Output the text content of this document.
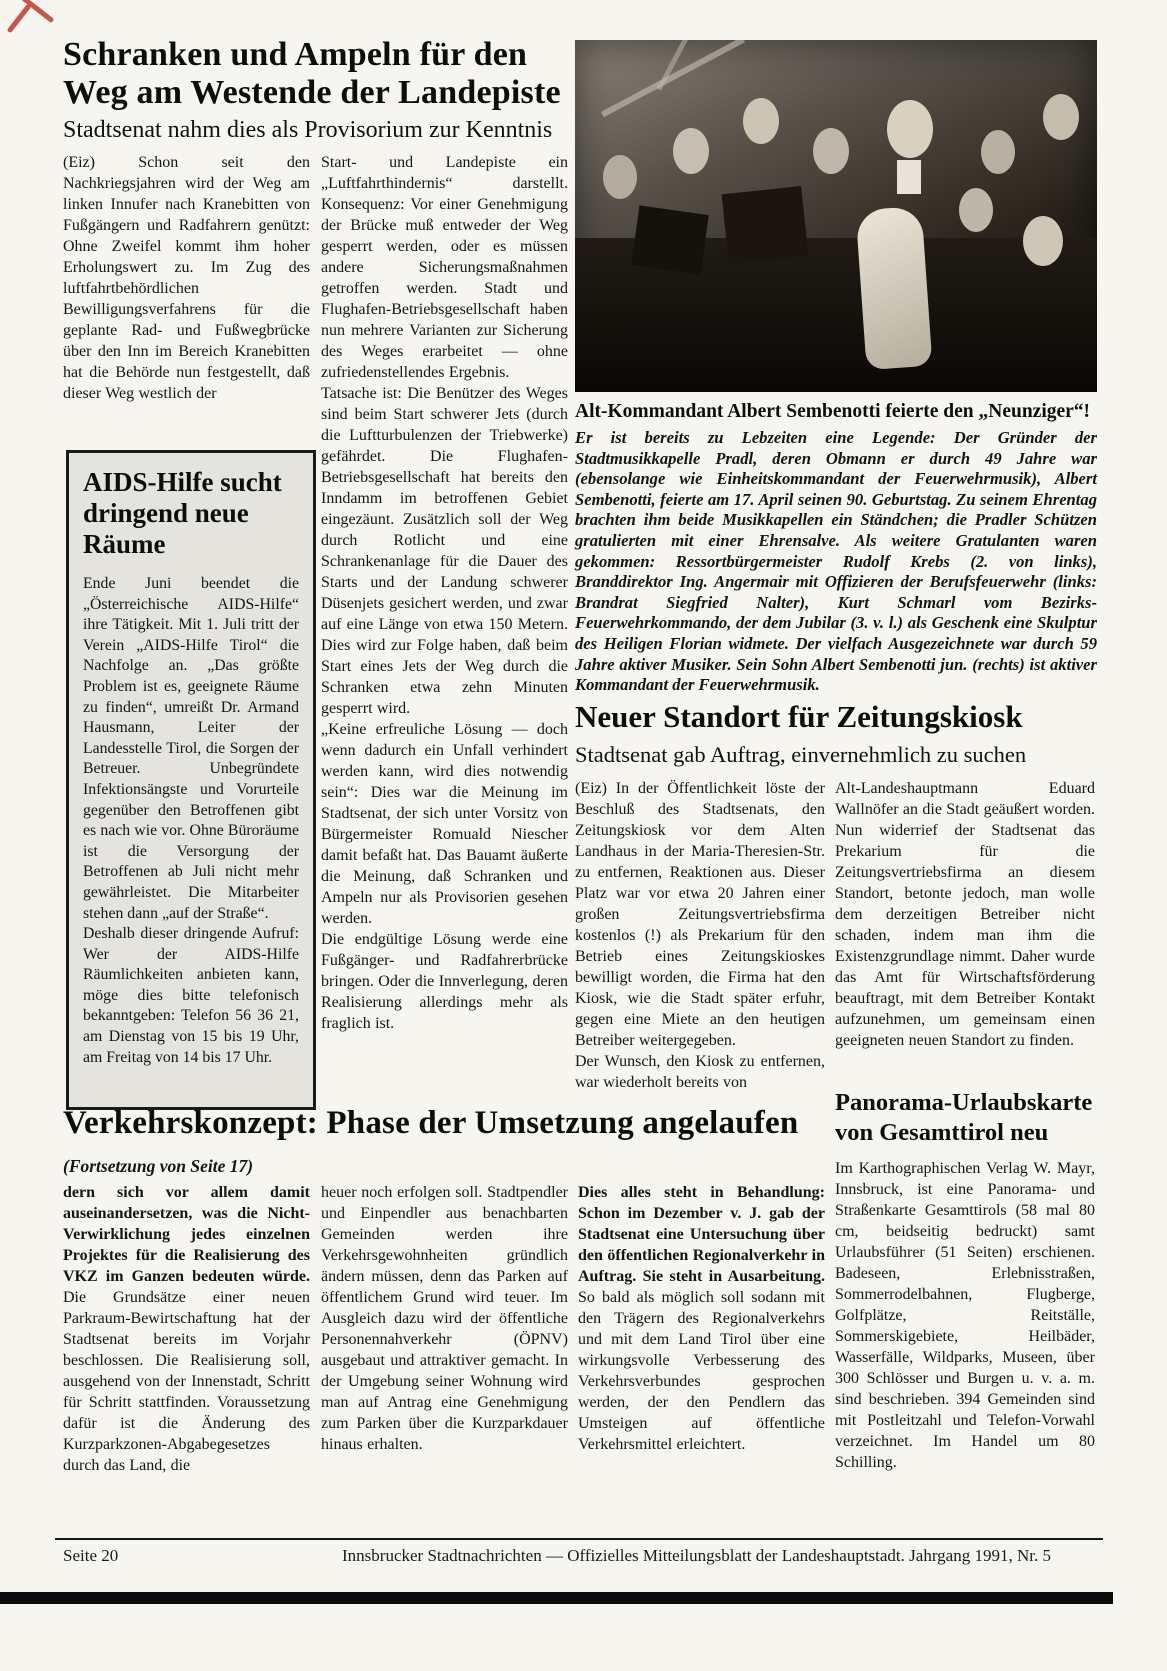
Schranken und Ampeln für den Weg am Westende der Landepiste
Stadtsenat nahm dies als Provisorium zur Kenntnis
(Eiz) Schon seit den Nachkriegsjahren wird der Weg am linken Innufer nach Kranebitten von Fußgängern und Radfahrern genützt: Ohne Zweifel kommt ihm hoher Erholungswert zu. Im Zug des luftfahrtbehördlichen Bewilligungsverfahrens für die geplante Rad- und Fußwegbrücke über den Inn im Bereich Kranebitten hat die Behörde nun festgestellt, daß dieser Weg westlich der

Start- und Landepiste ein „Luftfahrthindernis“ darstellt. Konsequenz: Vor einer Genehmigung der Brücke muß entweder der Weg gesperrt werden, oder es müssen andere Sicherungsmaßnahmen getroffen werden. Stadt und Flughafen-Betriebsgesellschaft haben nun mehrere Varianten zur Sicherung des Weges erarbeitet — ohne zufriedenstellendes Ergebnis.

Tatsache ist: Die Benützer des Weges sind beim Start schwerer Jets (durch die Luftturbulenzen der Triebwerke) gefährdet. Die Flughafen-Betriebsgesellschaft hat bereits den Inndamm im betroffenen Gebiet eingezäunt. Zusätzlich soll der Weg durch Rotlicht und eine Schrankenanlage für die Dauer des Starts und der Landung schwerer Düsenjets gesichert werden, und zwar auf eine Länge von etwa 150 Metern. Dies wird zur Folge haben, daß beim Start eines Jets der Weg durch die Schranken etwa zehn Minuten gesperrt wird.

„Keine erfreuliche Lösung — doch wenn dadurch ein Unfall verhindert werden kann, wird dies notwendig sein“: Dies war die Meinung im Stadtsenat, der sich unter Vorsitz von Bürgermeister Romuald Niescher damit befaßt hat. Das Bauamt äußerte die Meinung, daß Schranken und Ampeln nur als Provisorien gesehen werden.

Die endgültige Lösung werde eine Fußgänger- und Radfahrerbrücke bringen. Oder die Innverlegung, deren Realisierung allerdings mehr als fraglich ist.

AIDS-Hilfe sucht dringend neue Räume

Ende Juni beendet die „Österreichische AIDS-Hilfe“ ihre Tätigkeit. Mit 1. Juli tritt der Verein „AIDS-Hilfe Tirol“ die Nachfolge an. „Das größte Problem ist es, geeignete Räume zu finden“, umreißt Dr. Armand Hausmann, Leiter der Landesstelle Tirol, die Sorgen der Betreuer. Unbegründete Infektionsängste und Vorurteile gegenüber den Betroffenen gibt es nach wie vor. Ohne Büroräume ist die Versorgung der Betroffenen ab Juli nicht mehr gewährleistet. Die Mitarbeiter stehen dann „auf der Straße“.

Deshalb dieser dringende Aufruf: Wer der AIDS-Hilfe Räumlichkeiten anbieten kann, möge dies bitte telefonisch bekanntgeben: Telefon 56 36 21, am Dienstag von 15 bis 19 Uhr, am Freitag von 14 bis 17 Uhr.

Alt-Kommandant Albert Sembenotti feierte den „Neunziger“!
Er ist bereits zu Lebzeiten eine Legende: Der Gründer der Stadtmusikkapelle Pradl, deren Obmann er durch 49 Jahre war (ebensolange wie Einheitskommandant der Feuerwehrmusik), Albert Sembenotti, feierte am 17. April seinen 90. Geburtstag. Zu seinem Ehrentag brachten ihm beide Musikkapellen ein Ständchen; die Pradler Schützen gratulierten mit einer Ehrensalve. Als weitere Gratulanten waren gekommen: Ressortbürgermeister Rudolf Krebs (2. von links), Branddirektor Ing. Angermair mit Offizieren der Berufsfeuerwehr (links: Brandrat Siegfried Nalter), Kurt Schmarl vom Bezirks-Feuerwehrkommando, der dem Jubilar (3. v. l.) als Geschenk eine Skulptur des Heiligen Florian widmete. Der vielfach Ausgezeichnete war durch 59 Jahre aktiver Musiker. Sein Sohn Albert Sembenotti jun. (rechts) ist aktiver Kommandant der Feuerwehrmusik.
Neuer Standort für Zeitungskiosk
Stadtsenat gab Auftrag, einvernehmlich zu suchen

(Eiz) In der Öffentlichkeit löste der Beschluß des Stadtsenats, den Zeitungskiosk vor dem Alten Landhaus in der Maria-Theresien-Str. zu entfernen, Reaktionen aus. Dieser Platz war vor etwa 20 Jahren einer großen Zeitungsvertriebsfirma kostenlos (!) als Prekarium für den Betrieb eines Zeitungskioskes bewilligt worden, die Firma hat den Kiosk, wie die Stadt später erfuhr, gegen eine Miete an den heutigen Betreiber weitergegeben.

Der Wunsch, den Kiosk zu entfernen, war wiederholt bereits von

Alt-Landeshauptmann Eduard Wallnöfer an die Stadt geäußert worden. Nun widerrief der Stadtsenat das Prekarium für die Zeitungsvertriebsfirma an diesem Standort, betonte jedoch, man wolle dem derzeitigen Betreiber nicht schaden, indem man ihm die Existenzgrundlage nimmt. Daher wurde das Amt für Wirtschaftsförderung beauftragt, mit dem Betreiber Kontakt aufzunehmen, um gemeinsam einen geeigneten neuen Standort zu finden.
Panorama-Urlaubskarte von Gesamttirol neu
Im Karthographischen Verlag W. Mayr, Innsbruck, ist eine Panorama- und Straßenkarte Gesamttirols (58 mal 80 cm, beidseitig bedruckt) samt Urlaubsführer (51 Seiten) erschienen. Badeseen, Erlebnisstraßen, Sommerrodelbahnen, Flugberge, Golfplätze, Reitställe, Sommerskigebiete, Heilbäder, Wasserfälle, Wildparks, Museen, über 300 Schlösser und Burgen u. v. a. m. sind beschrieben. 394 Gemeinden sind mit Postleitzahl und Telefon-Vorwahl verzeichnet. Im Handel um 80 Schilling.
Verkehrskonzept: Phase der Umsetzung angelaufen
(Fortsetzung von Seite 17)
dern sich vor allem damit auseinandersetzen, was die Nicht-Verwirklichung jedes einzelnen Projektes für die Realisierung des VKZ im Ganzen bedeuten würde. Die Grundsätze einer neuen Parkraum-Bewirtschaftung hat der Stadtsenat bereits im Vorjahr beschlossen. Die Realisierung soll, ausgehend von der Innenstadt, Schritt für Schritt stattfinden. Voraussetzung dafür ist die Änderung des Kurzparkzonen-Abgabegesetzes durch das Land, die
heuer noch erfolgen soll. Stadtpendler und Einpendler aus benachbarten Gemeinden werden ihre Verkehrsgewohnheiten gründlich ändern müssen, denn das Parken auf öffentlichem Grund wird teuer. Im Ausgleich dazu wird der öffentliche Personennahverkehr (ÖPNV) ausgebaut und attraktiver gemacht. In der Umgebung seiner Wohnung wird man auf Antrag eine Genehmigung zum Parken über die Kurzparkdauer hinaus erhalten.
Dies alles steht in Behandlung: Schon im Dezember v. J. gab der Stadtsenat eine Untersuchung über den öffentlichen Regionalverkehr in Auftrag. Sie steht in Ausarbeitung. So bald als möglich soll sodann mit den Trägern des Regionalverkehrs und mit dem Land Tirol über eine wirkungsvolle Verbesserung des Verkehrsverbundes gesprochen werden, der den Pendlern das Umsteigen auf öffentliche Verkehrsmittel erleichtert.
Seite 20	Innsbrucker Stadtnachrichten — Offizielles Mitteilungsblatt der Landeshauptstadt. Jahrgang 1991, Nr. 5
